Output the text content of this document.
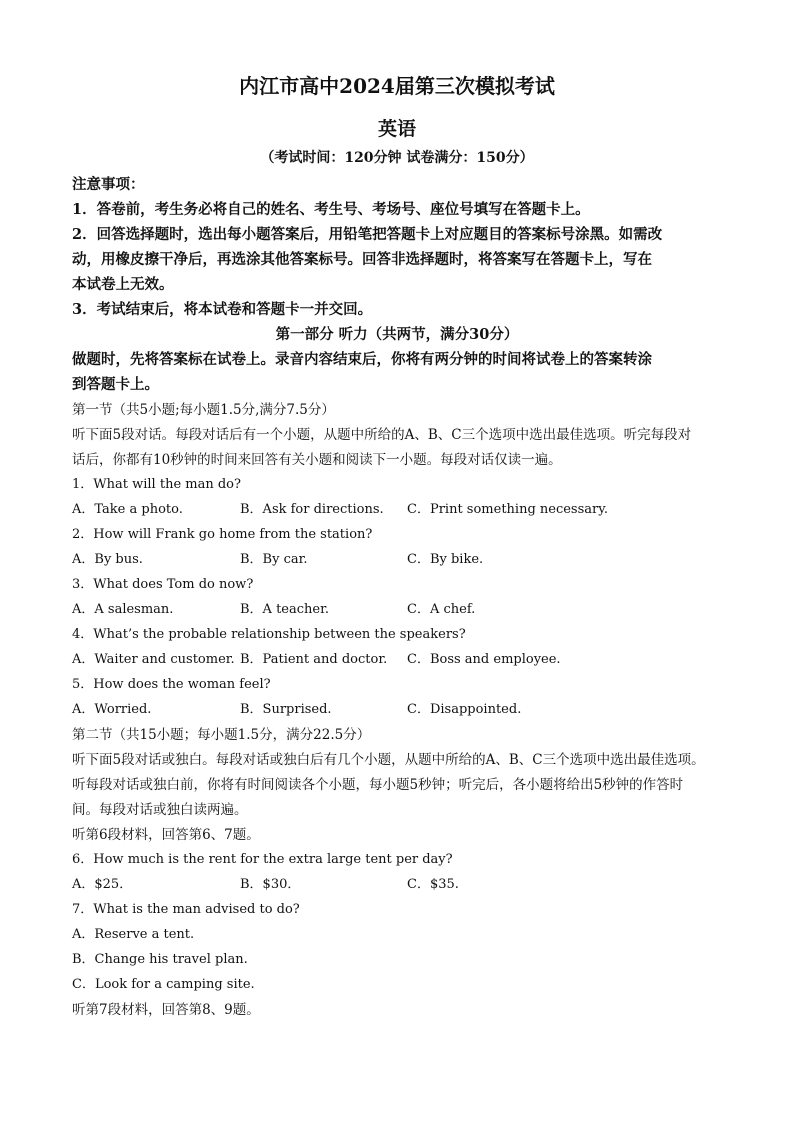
内江市高中2024届第三次模拟考试
英语
（考试时间：120分钟 试卷满分：150分）
注意事项：
1．答卷前，考生务必将自己的姓名、考生号、考场号、座位号填写在答题卡上。
2．回答选择题时，选出每小题答案后，用铅笔把答题卡上对应题目的答案标号涂黑。如需改
动，用橡皮擦干净后，再选涂其他答案标号。回答非选择题时，将答案写在答题卡上，写在
本试卷上无效。
3．考试结束后，将本试卷和答题卡一并交回。
第一部分 听力（共两节，满分30分）
做题时，先将答案标在试卷上。录音内容结束后，你将有两分钟的时间将试卷上的答案转涂
到答题卡上。
第一节（共5小题;每小题1.5分,满分7.5分）
听下面5段对话。每段对话后有一个小题，从题中所给的A、B、C三个选项中选出最佳选项。听完每段对
话后，你都有10秒钟的时间来回答有关小题和阅读下一小题。每段对话仅读一遍。
1．What will the man do?
A．Take a photo.	B．Ask for directions. C．Print something necessary.
2．How will Frank go home from the station?
A．By bus.	B．By car.	C．By bike.
3．What does Tom do now?
A．A salesman.	B．A teacher.	C．A chef.
4．What’s the probable relationship between the speakers?
A．Waiter and customer. B．Patient and doctor. C．Boss and employee.
5．How does the woman feel?
A．Worried.	B．Surprised.	C．Disappointed.
第二节（共15小题；每小题1.5分，满分22.5分）
听下面5段对话或独白。每段对话或独白后有几个小题，从题中所给的A、B、C三个选项中选出最佳选项。
听每段对话或独白前，你将有时间阅读各个小题，每小题5秒钟；听完后，各小题将给出5秒钟的作答时
间。每段对话或独白读两遍。
听第6段材料，回答第6、7题。
6．How much is the rent for the extra large tent per day?
A．$25．	B．$30．	C．$35.
7．What is the man advised to do?
A．Reserve a tent.
B．Change his travel plan.
C．Look for a camping site.
听第7段材料，回答第8、9题。
